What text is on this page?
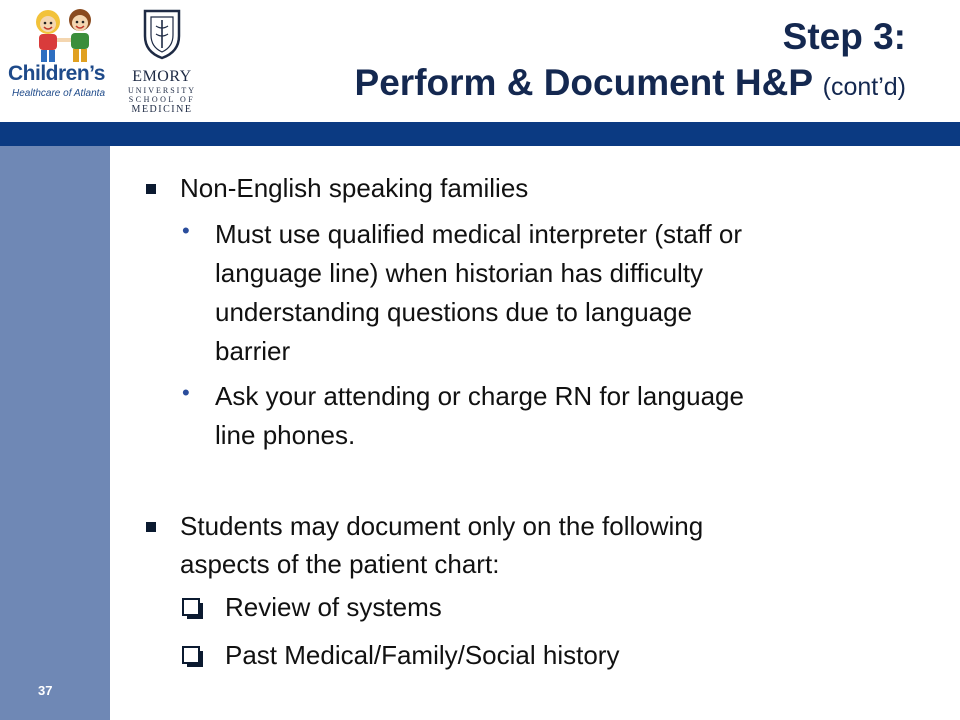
Children’s
Healthcare of Atlanta
EMORY
UNIVERSITY
SCHOOL OF
MEDICINE
Step 3:
Perform & Document H&P (cont’d)
37
Non-English speaking families
• Must use qualified medical interpreter (staff or
language line) when historian has difficulty
understanding questions due to language
barrier
• Ask your attending or charge RN for language
line phones.
Students may document only on the following
aspects of the patient chart:
Review of systems
Past Medical/Family/Social history
